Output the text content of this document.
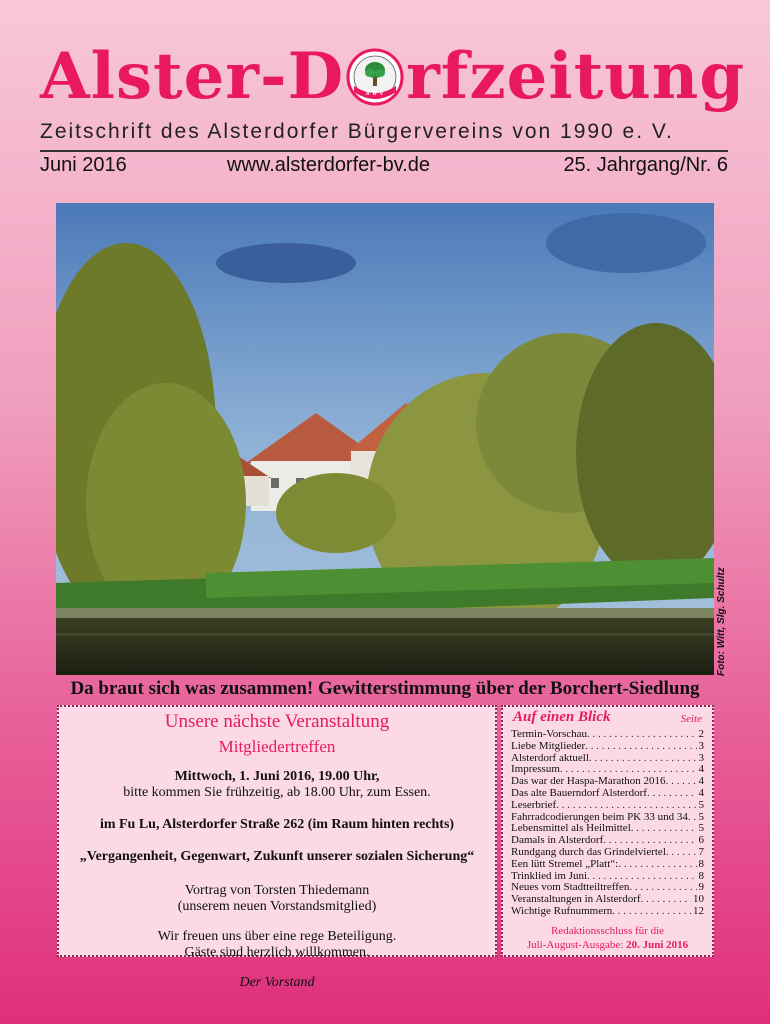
Alster-D	A B V rfzeitung
Zeitschrift des Alsterdorfer Bürgervereins von 1990 e. V.
Juni 2016	www.alsterdorfer-bv.de	25. Jahrgang/Nr. 6
Foto: Witt, Slg. Schultz
Da braut sich was zusammen! Gewitterstimmung über der Borchert-Siedlung
Unsere nächste Veranstaltung
Mitgliedertreffen
Mittwoch, 1. Juni 2016, 19.00 Uhr,
bitte kommen Sie frühzeitig, ab 18.00 Uhr, zum Essen.
im Fu Lu, Alsterdorfer Straße 262 (im Raum hinten rechts)
„Vergangenheit, Gegenwart, Zukunft unserer sozialen Sicherung“
Vortrag von Torsten Thiedemann
(unserem neuen Vorstandsmitglied)
Wir freuen uns über eine rege Beteiligung.
Gäste sind herzlich willkommen.
Der Vorstand
Auf einen Blick	Seite
Termin-Vorschau . . .	2
Liebe Mitglieder . . .	3
Alsterdorf aktuell . . .	3
Impressum . . .	4
Das war der Haspa-Marathon 2016 . . .	4
Das alte Bauerndorf Alsterdorf . . .	4
Leserbrief . . .	5
Fahrradcodierungen beim PK 33 und 34 . . . 5
Lebensmittel als Heilmittel . . .	5
Damals in Alsterdorf . . .	6
Rundgang durch das Grindelviertel . . .	7
Een lütt Stremel „Platt“: . . .	8
Trinklied im Juni . . .	8
Neues vom Stadtteiltreffen . . .	9
Veranstaltungen in Alsterdorf . . .	10
Wichtige Rufnummern . . .	12
Redaktionsschluss für die
Juli-August-Ausgabe: 20. Juni 2016
